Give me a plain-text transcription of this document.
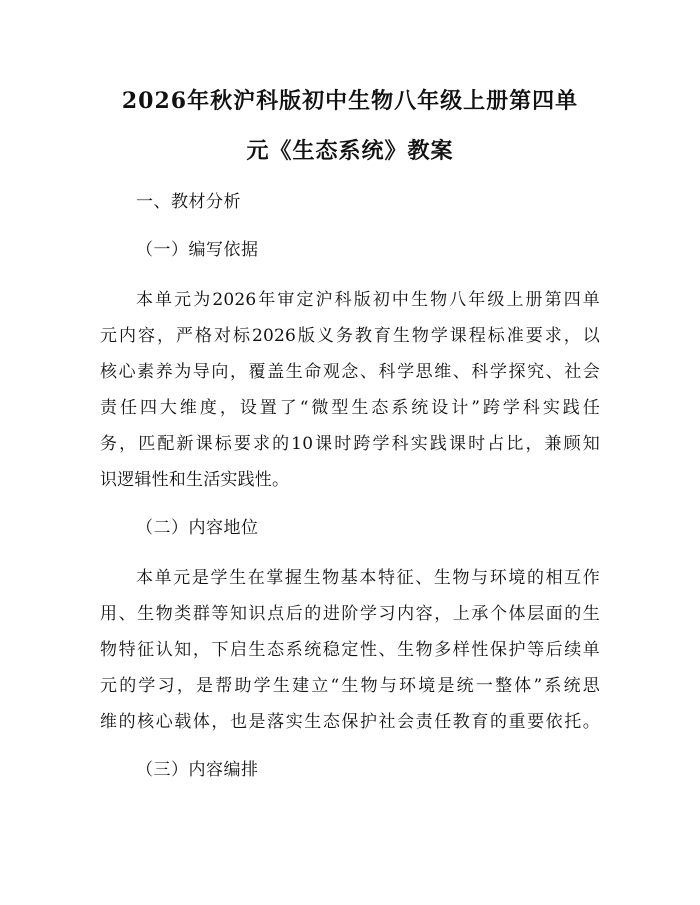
2026年秋沪科版初中生物八年级上册第四单
元《生态系统》教案
一、教材分析
（一）编写依据
本单元为2026年审定沪科版初中生物八年级上册第四单
元内容，严格对标2026版义务教育生物学课程标准要求，以
核心素养为导向，覆盖生命观念、科学思维、科学探究、社会
责任四大维度，设置了“微型生态系统设计”跨学科实践任
务，匹配新课标要求的10课时跨学科实践课时占比，兼顾知
识逻辑性和生活实践性。
（二）内容地位
本单元是学生在掌握生物基本特征、生物与环境的相互作
用、生物类群等知识点后的进阶学习内容，上承个体层面的生
物特征认知，下启生态系统稳定性、生物多样性保护等后续单
元的学习，是帮助学生建立“生物与环境是统一整体”系统思
维的核心载体，也是落实生态保护社会责任教育的重要依托。
（三）内容编排
